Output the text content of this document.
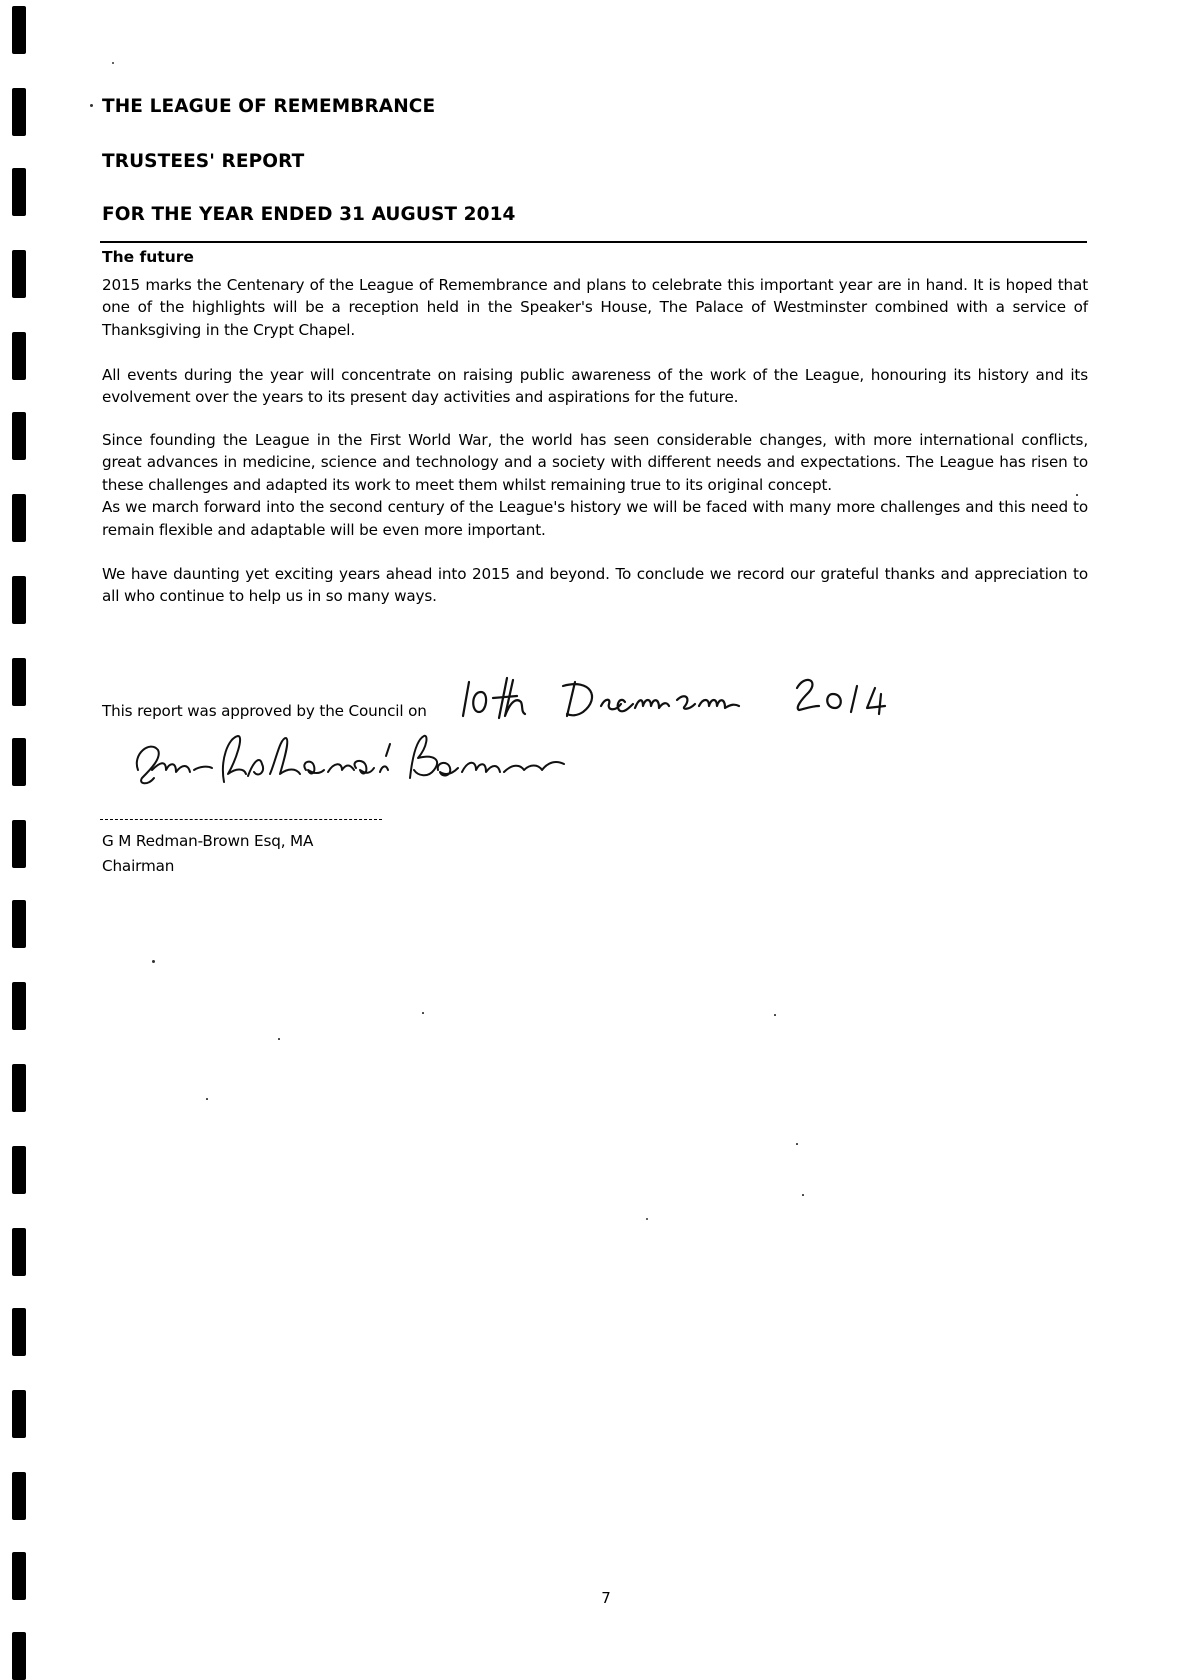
THE LEAGUE OF REMEMBRANCE
TRUSTEES' REPORT
FOR THE YEAR ENDED 31 AUGUST 2014
The future

2015 marks the Centenary of the League of Remembrance and plans to celebrate this important year are in hand. It is hoped that
one of the highlights will be a reception held in the Speaker's House, The Palace of Westminster combined with a service of
Thanksgiving in the Crypt Chapel.

All events during the year will concentrate on raising public awareness of the work of the League, honouring its history and its
evolvement over the years to its present day activities and aspirations for the future.

Since founding the League in the First World War, the world has seen considerable changes, with more international conflicts,
great advances in medicine, science and technology and a society with different needs and expectations. The League has risen to
these challenges and adapted its work to meet them whilst remaining true to its original concept.
As we march forward into the second century of the League's history we will be faced with many more challenges and this need to
remain flexible and adaptable will be even more important.

We have daunting yet exciting years ahead into 2015 and beyond. To conclude we record our grateful thanks and appreciation to
all who continue to help us in so many ways.

This report was approved by the Council on
G M Redman-Brown Esq, MA
Chairman
7
